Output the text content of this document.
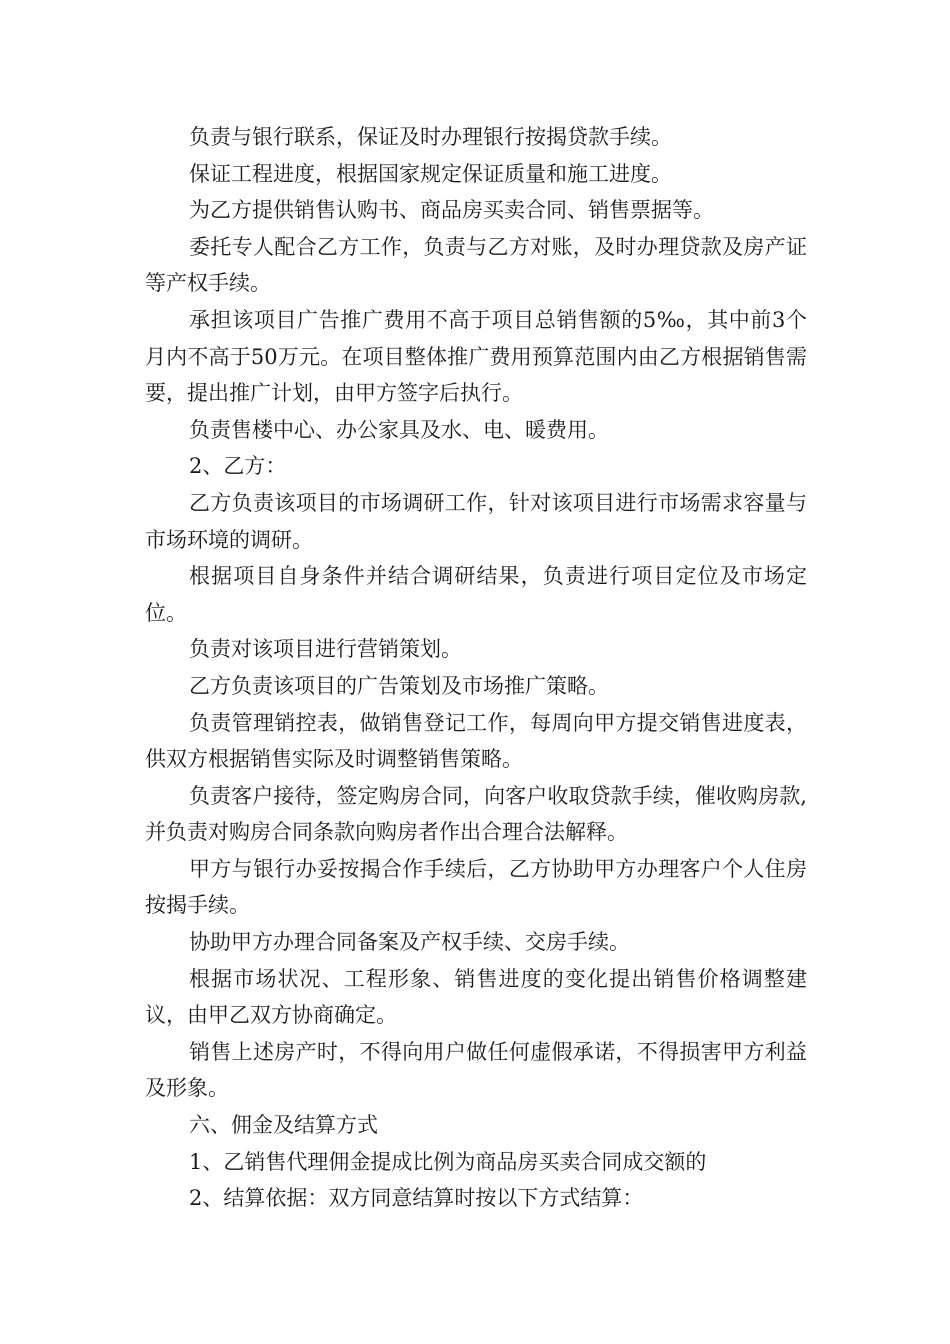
负责与银行联系，保证及时办理银行按揭贷款手续。

保证工程进度，根据国家规定保证质量和施工进度。

为乙方提供销售认购书、商品房买卖合同、销售票据等。

委托专人配合乙方工作，负责与乙方对账，及时办理贷款及房产证等产权手续。

承担该项目广告推广费用不高于项目总销售额的5‰，其中前3个月内不高于50万元。在项目整体推广费用预算范围内由乙方根据销售需要，提出推广计划，由甲方签字后执行。

负责售楼中心、办公家具及水、电、暖费用。

2、乙方：

乙方负责该项目的市场调研工作，针对该项目进行市场需求容量与市场环境的调研。

根据项目自身条件并结合调研结果，负责进行项目定位及市场定位。

负责对该项目进行营销策划。

乙方负责该项目的广告策划及市场推广策略。

负责管理销控表，做销售登记工作，每周向甲方提交销售进度表，供双方根据销售实际及时调整销售策略。

负责客户接待，签定购房合同，向客户收取贷款手续，催收购房款,并负责对购房合同条款向购房者作出合理合法解释。

甲方与银行办妥按揭合作手续后，乙方协助甲方办理客户个人住房按揭手续。

协助甲方办理合同备案及产权手续、交房手续。

根据市场状况、工程形象、销售进度的变化提出销售价格调整建议，由甲乙双方协商确定。

销售上述房产时，不得向用户做任何虚假承诺，不得损害甲方利益及形象。

六、佣金及结算方式

1、乙销售代理佣金提成比例为商品房买卖合同成交额的

2、结算依据：双方同意结算时按以下方式结算：
